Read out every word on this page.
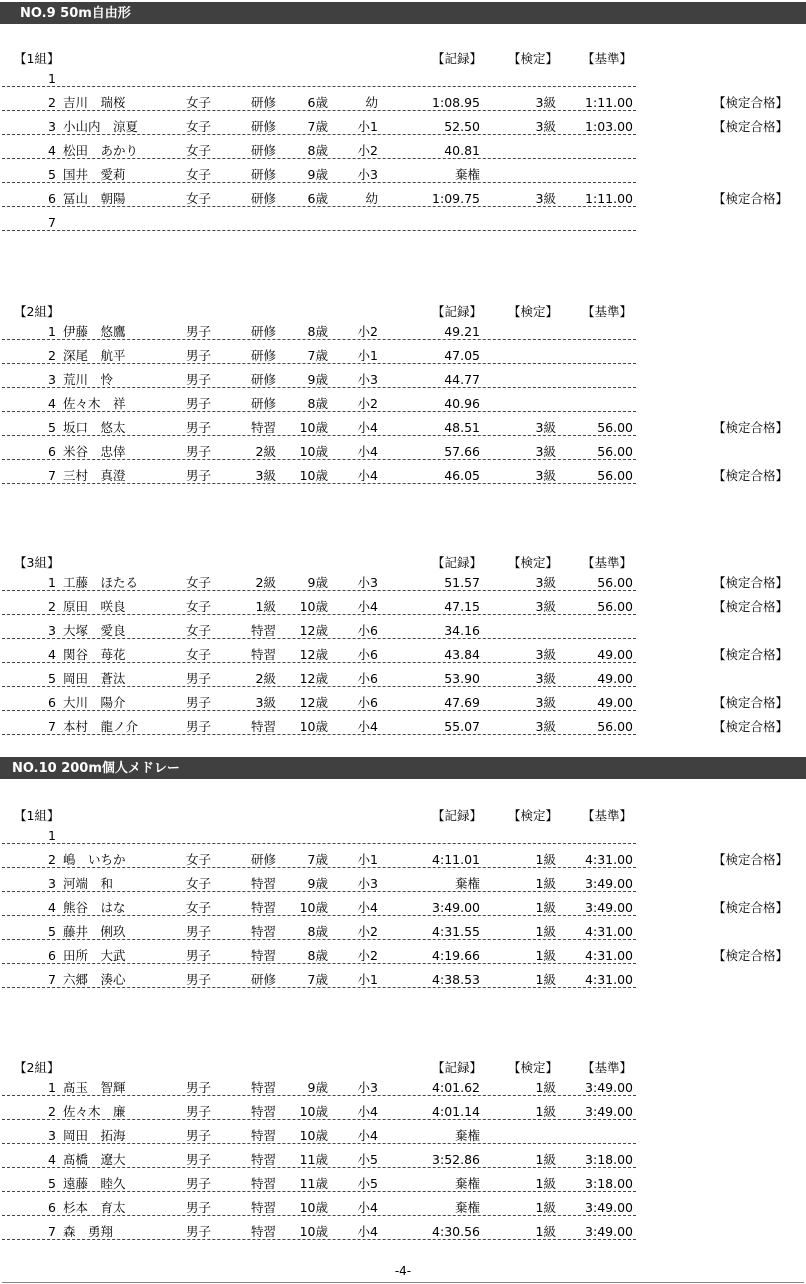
NO.9 50m自由形
【1組】	【記録】 【検定】 【基準】
1
2 吉川　瑞桜	女子	研修	6歳	幼	1:08.95	3級	1:11.00	【検定合格】
3 小山内　涼夏	女子	研修	7歳	小1	52.50	3級	1:03.00	【検定合格】
4 松田　あかり	女子	研修	8歳	小2	40.81
5 国井　愛莉	女子	研修	9歳	小3	棄権
6 冨山　朝陽	女子	研修	6歳	幼	1:09.75	3級	1:11.00	【検定合格】
7
【2組】	【記録】 【検定】 【基準】
1 伊藤　悠鷹	男子	研修	8歳	小2	49.21
2 深尾　航平	男子	研修	7歳	小1	47.05
3 荒川　怜	男子	研修	9歳	小3	44.77
4 佐々木　祥	男子	研修	8歳	小2	40.96
5 坂口　悠太	男子	特習 10歳	小4	48.51	3級	56.00	【検定合格】
6 米谷　忠倖	男子	2級 10歳	小4	57.66	3級	56.00
7 三村　真澄	男子	3級 10歳	小4	46.05	3級	56.00	【検定合格】
【3組】	【記録】 【検定】 【基準】
1 工藤　ほたる	女子	2級	9歳	小3	51.57	3級	56.00	【検定合格】
2 原田　咲良	女子	1級 10歳	小4	47.15	3級	56.00	【検定合格】
3 大塚　愛良	女子	特習 12歳	小6	34.16
4 関谷　苺花	女子	特習 12歳	小6	43.84	3級	49.00	【検定合格】
5 岡田　蒼汰	男子	2級 12歳	小6	53.90	3級	49.00
6 大川　陽介	男子	3級 12歳	小6	47.69	3級	49.00	【検定合格】
7 本村　龍ノ介	男子	特習 10歳	小4	55.07	3級	56.00	【検定合格】
NO.10 200m個人メドレー
【1組】	【記録】 【検定】 【基準】
1
2 嶋　いちか	女子	研修	7歳	小1	4:11.01	1級	4:31.00	【検定合格】
3 河端　和	女子	特習	9歳	小3	棄権	1級	3:49.00
4 熊谷　はな	女子	特習 10歳	小4	3:49.00	1級	3:49.00	【検定合格】
5 藤井　俐玖	男子	特習	8歳	小2	4:31.55	1級	4:31.00
6 田所　大武	男子	特習	8歳	小2	4:19.66	1級	4:31.00	【検定合格】
7 六郷　湊心	男子	研修	7歳	小1	4:38.53	1級	4:31.00
【2組】	【記録】 【検定】 【基準】
1 髙玉　智輝	男子	特習	9歳	小3	4:01.62	1級	3:49.00
2 佐々木　廉	男子	特習 10歳	小4	4:01.14	1級	3:49.00
3 岡田　拓海	男子	特習 10歳	小4	棄権
4 髙橋　遼大	男子	特習 11歳	小5	3:52.86	1級	3:18.00
5 遠藤　睦久	男子	特習 11歳	小5	棄権	1級	3:18.00
6 杉本　育太	男子	特習 10歳	小4	棄権	1級	3:49.00
7 森　勇翔	男子	特習 10歳	小4	4:30.56	1級	3:49.00
-4-
